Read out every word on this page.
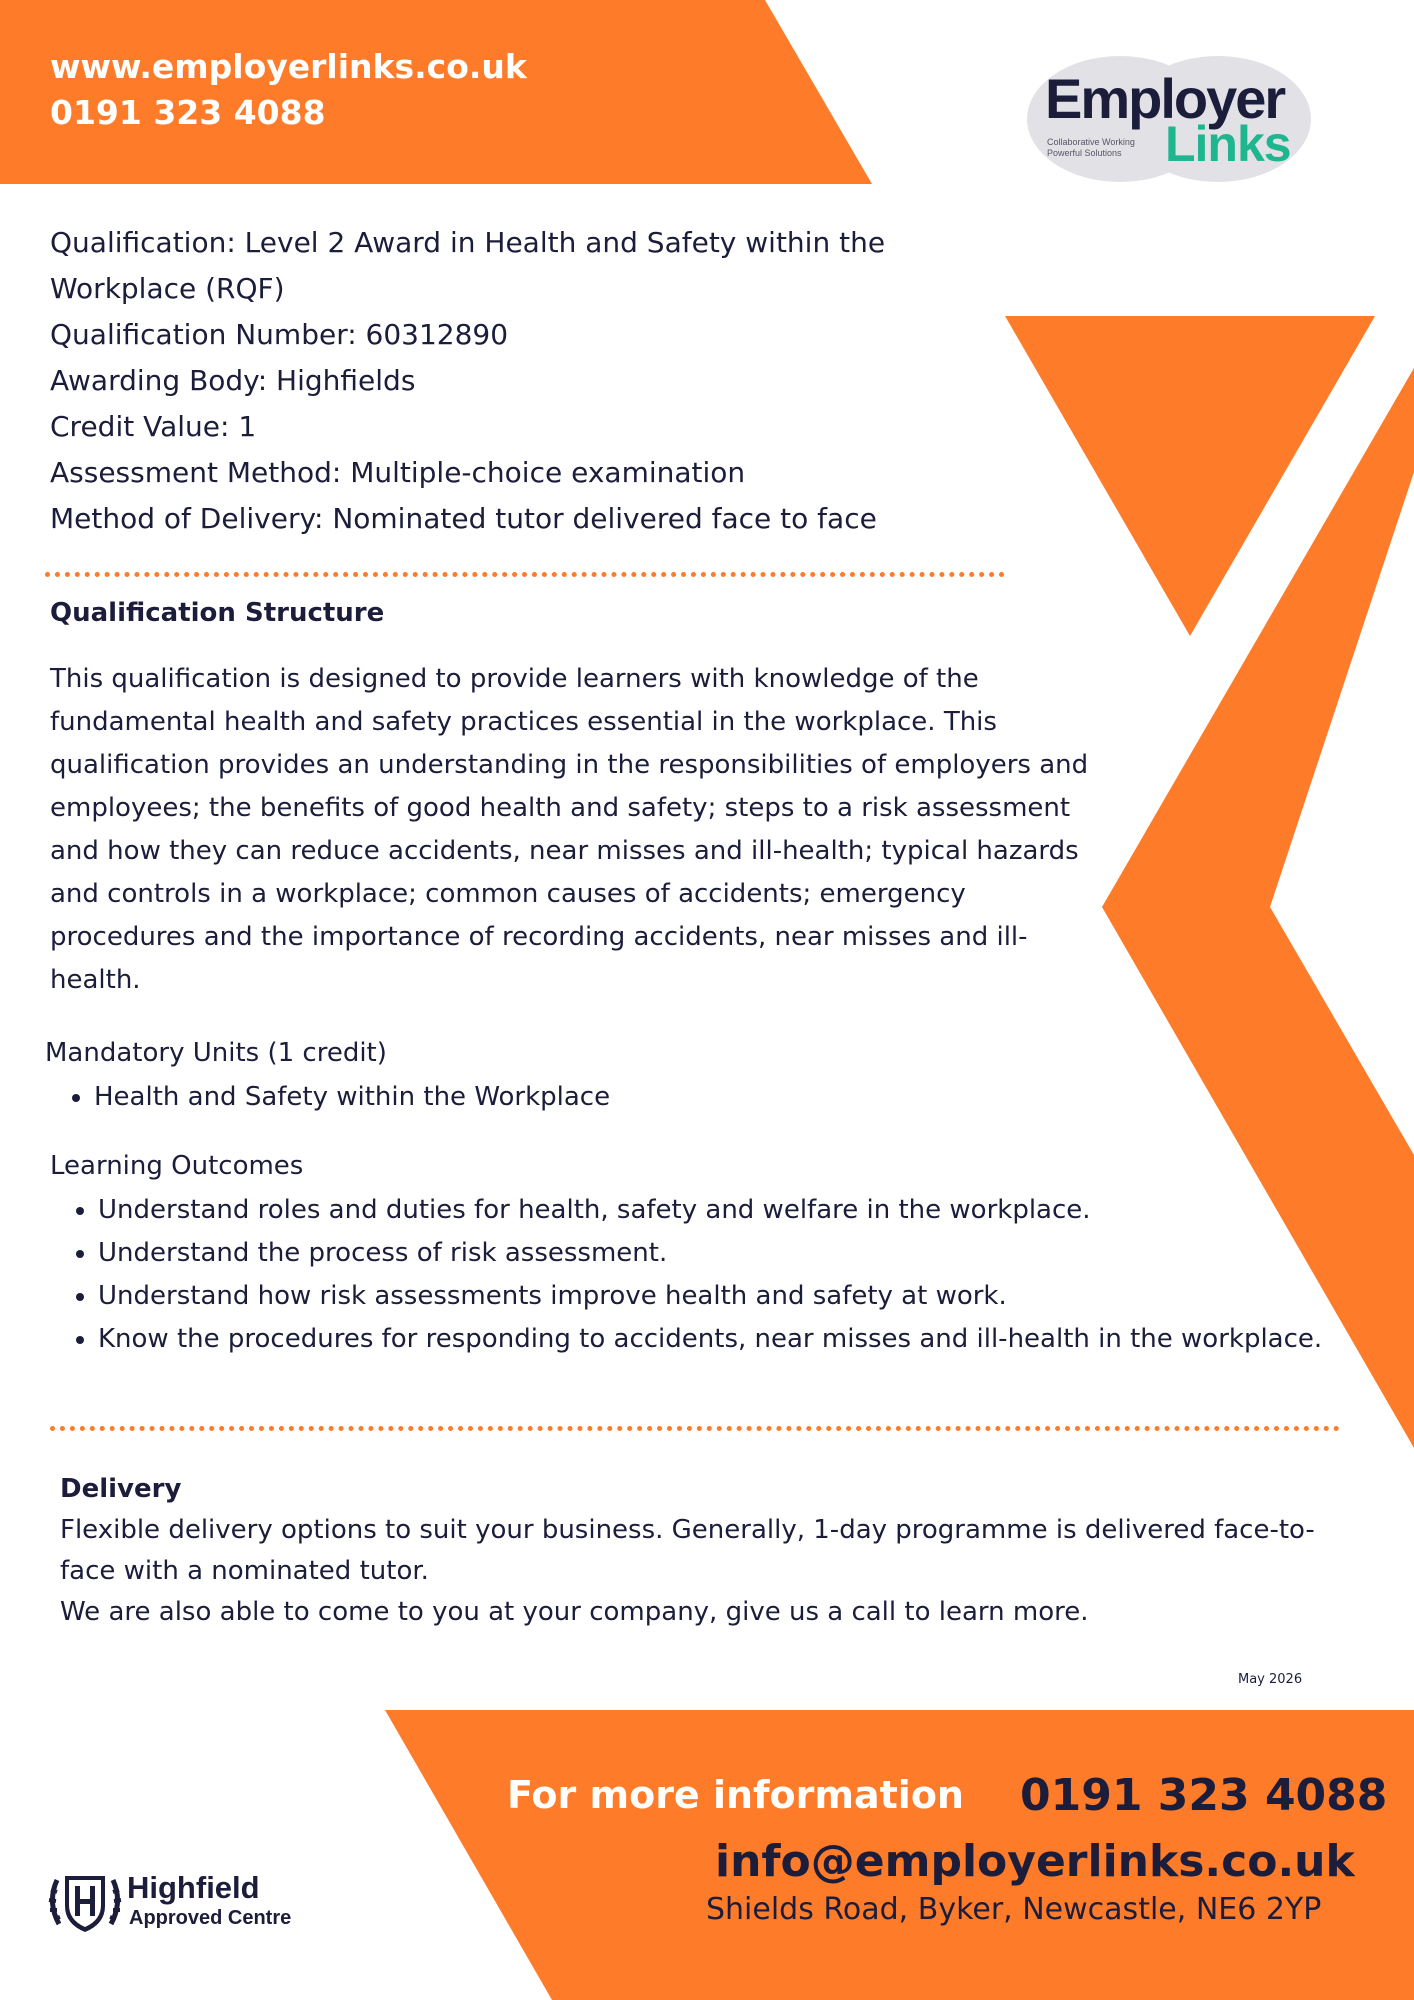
www.employerlinks.co.uk
0191 323 4088	Employer
Collaborative Working
Powerful Solutions Links

Qualification: Level 2 Award in Health and Safety within the Workplace (RQF)

Qualification Number: 60312890

Awarding Body: Highfields

Credit Value: 1

Assessment Method: Multiple-choice examination

Method of Delivery: Nominated tutor delivered face to face

Qualification Structure
This qualification is designed to provide learners with knowledge of the fundamental health and safety practices essential in the workplace. This qualification provides an understanding in the responsibilities of employers and employees; the benefits of good health and safety; steps to a risk assessment and how they can reduce accidents, near misses and ill-health; typical hazards and controls in a workplace; common causes of accidents; emergency procedures and the importance of recording accidents, near misses and ill-health.
Mandatory Units (1 credit)
• Health and Safety within the Workplace
Learning Outcomes
• Understand roles and duties for health, safety and welfare in the workplace.
• Understand the process of risk assessment.
• Understand how risk assessments improve health and safety at work.
• Know the procedures for responding to accidents, near misses and ill-health in the workplace.
Delivery

Flexible delivery options to suit your business. Generally, 1-day programme is delivered face-to-face with a nominated tutor.

We are also able to come to you at your company, give us a call to learn more.

May 2026
For more information 0191 323 4088
info@employerlinks.co.uk
Shields Road, Byker, Newcastle, NE6 2YP
Highfield
Approved Centre
